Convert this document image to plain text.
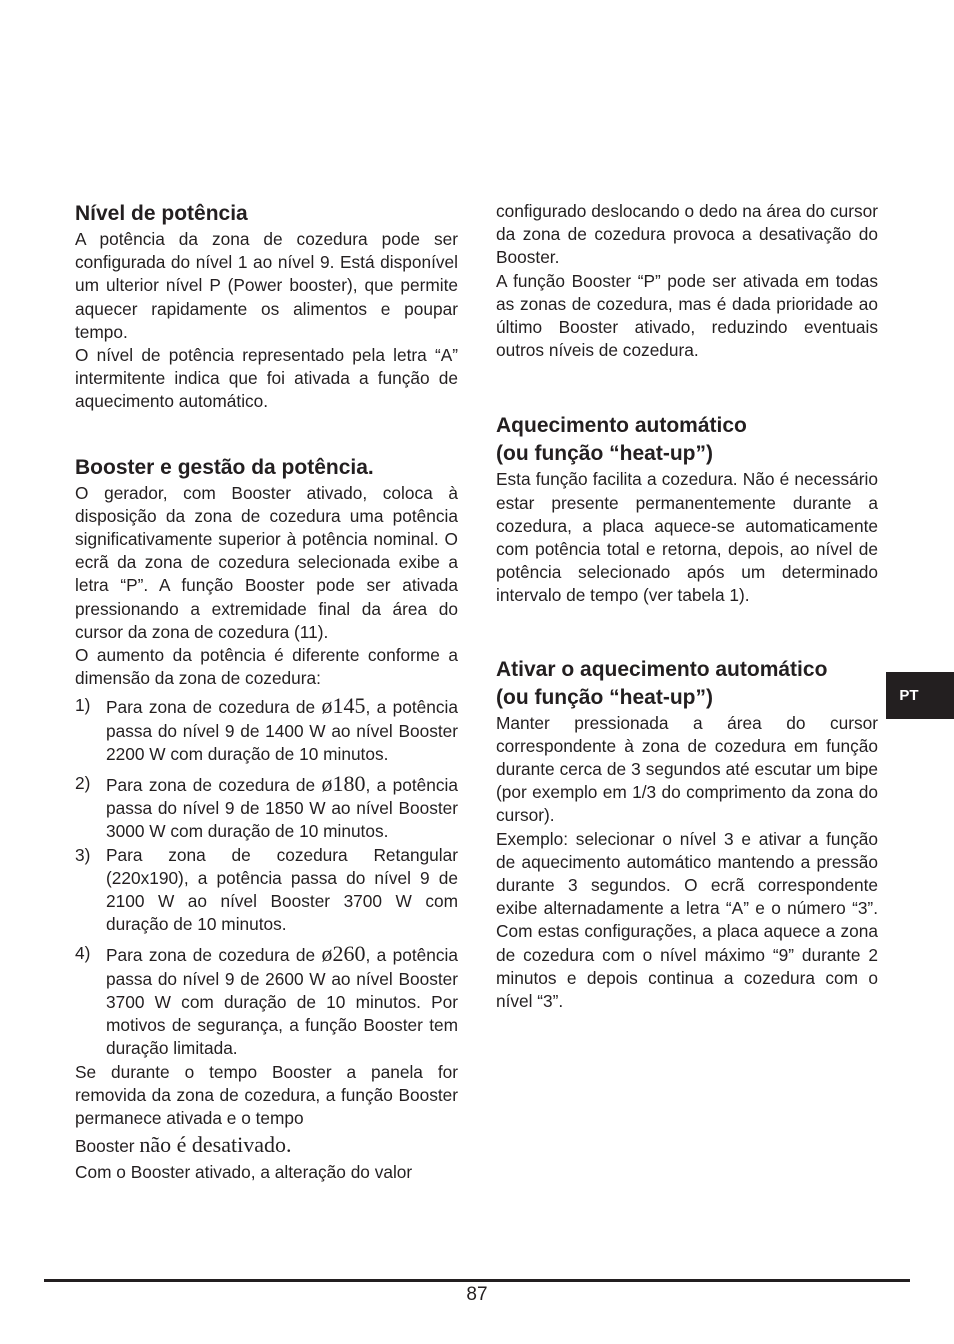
Nível de potência

A potência da zona de cozedura pode ser configurada do nível 1 ao nível 9. Está disponível um ulterior nível P (Power booster), que permite aquecer rapidamente os alimentos e poupar tempo.

O nível de potência representado pela letra “A” intermitente indica que foi ativada a função de aquecimento automático.

Booster e gestão da potência.

O gerador, com Booster ativado, coloca à disposição da zona de cozedura uma potência significativamente superior à potência nominal. O ecrã da zona de cozedura selecionada exibe a letra “P”. A função Booster pode ser ativada pressionando a extremidade final da área do cursor da zona de cozedura (11).

O aumento da potência é diferente conforme a dimensão da zona de cozedura:

1) Para zona de cozedura de ø145, a potência passa do nível 9 de 1400 W ao nível Booster 2200 W com duração de 10 minutos.
2) Para zona de cozedura de ø180, a potência passa do nível 9 de 1850 W ao nível Booster 3000 W com duração de 10 minutos.
3) Para zona de cozedura Retangular (220x190), a potência passa do nível 9 de 2100 W ao nível Booster 3700 W com duração de 10 minutos.
4) Para zona de cozedura de ø260, a potência passa do nível 9 de 2600 W ao nível Booster 3700 W com duração de 10 minutos. Por motivos de segurança, a função Booster tem duração limitada.

Se durante o tempo Booster a panela for removida da zona de cozedura, a função Booster permanece ativada e o tempo

Booster não é desativado.

Com o Booster ativado, a alteração do valor

configurado deslocando o dedo na área do cursor da zona de cozedura provoca a desativação do Booster.

A função Booster “P” pode ser ativada em todas as zonas de cozedura, mas é dada prioridade ao último Booster ativado, reduzindo eventuais outros níveis de cozedura.

Aquecimento automático
(ou função “heat-up”)

Esta função facilita a cozedura. Não é necessário estar presente permanentemente durante a cozedura, a placa aquece-se automaticamente com potência total e retorna, depois, ao nível de potência selecionado após um determinado intervalo de tempo (ver tabela 1).

Ativar o aquecimento automático
(ou função “heat-up”)

Manter pressionada a área do cursor correspondente à zona de cozedura em função durante cerca de 3 segundos até escutar um bipe (por exemplo em 1/3 do comprimento da zona do cursor).

Exemplo: selecionar o nível 3 e ativar a função de aquecimento automático mantendo a pressão durante 3 segundos. O ecrã correspondente exibe alternadamente a letra “A” e o número “3”. Com estas configurações, a placa aquece a zona de cozedura com o nível máximo “9” durante 2 minutos e depois continua a cozedura com o nível “3”.

PT
87
